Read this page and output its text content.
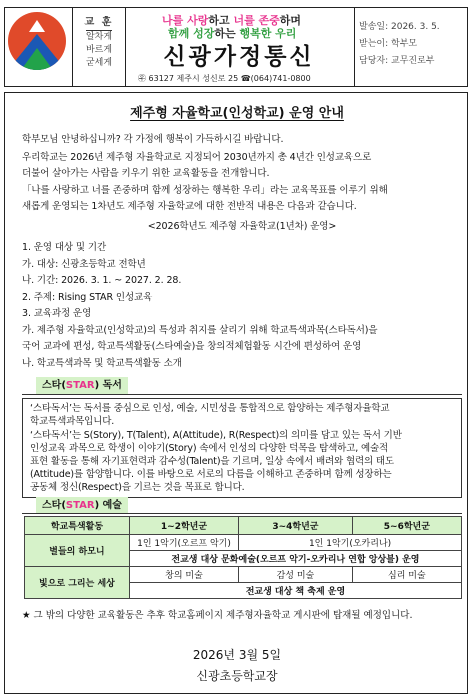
교 훈
알차게
바르게
굳세게
나를 사랑하고 너를 존중하며
함께 성장하는 행복한 우리
신광가정통신
㉾ 63127 제주시 성신로 25 ☎(064)741-0800
발송일: 2026. 3. 5.
받는이: 학부모
담당자: 교무진로부
제주형 자율학교(인성학교) 운영 안내
학부모님 안녕하십니까? 각 가정에 행복이 가득하시길 바랍니다.
우리학교는 2026년 제주형 자율학교로 지정되어 2030년까지 총 4년간 인성교육으로
더불어 살아가는 사람을 키우기 위한 교육활동을 전개합니다.
「나를 사랑하고 너를 존중하며 함께 성장하는 행복한 우리」라는 교육목표를 이루기 위해
새롭게 운영되는 1차년도 제주형 자율학교에 대한 전반적 내용은 다음과 같습니다.
<2026학년도 제주형 자율학교(1년차) 운영>
1. 운영 대상 및 기간
가. 대상: 신광초등학교 전학년
나. 기간: 2026. 3. 1. ~ 2027. 2. 28.
2. 주제: Rising STAR 인성교육
3. 교육과정 운영
가. 제주형 자율학교(인성학교)의 특성과 취지를 살리기 위해 학교특색과목(스타독서)을
국어 교과에 편성, 학교특색활동(스타예술)을 창의적체험활동 시간에 편성하여 운영
나. 학교특색과목 및 학교특색활동 소개
스타(STAR) 독서
‘스타독서’는 독서를 중심으로 인성, 예술, 시민성을 통합적으로 함양하는 제주형자율학교
학교특색과목입니다.
‘스타독서’는 S(Story), T(Talent), A(Attitude), R(Respect)의 의미를 담고 있는 독서 기반
인성교육 과목으로 학생이 이야기(Story) 속에서 인성의 다양한 덕목을 탐색하고, 예술적
표현 활동을 통해 자기표현력과 감수성(Talent)을 기르며, 일상 속에서 배려와 협력의 태도
(Attitude)를 함양합니다. 이를 바탕으로 서로의 다름을 이해하고 존중하며 함께 성장하는
공동체 정신(Respect)을 기르는 것을 목표로 합니다.
스타(STAR) 예술
학교특색활동	1~2학년군	3~4학년군	5~6학년군
별들의 하모니	1인 1악기(오르프 악기)	1인 1악기(오카리나)	
	전교생 대상 문화예술(오르프 악기-오카리나 연합 앙상블) 운영		
빛으로 그리는 세상	창의 미술	감성 미술	심리 미술
	전교생 대상 책 축제 운영		
★ 그 밖의 다양한 교육활동은 추후 학교홈페이지 제주형자율학교 게시판에 탑재될 예정입니다.
2026년 3월 5일
신광초등학교장
